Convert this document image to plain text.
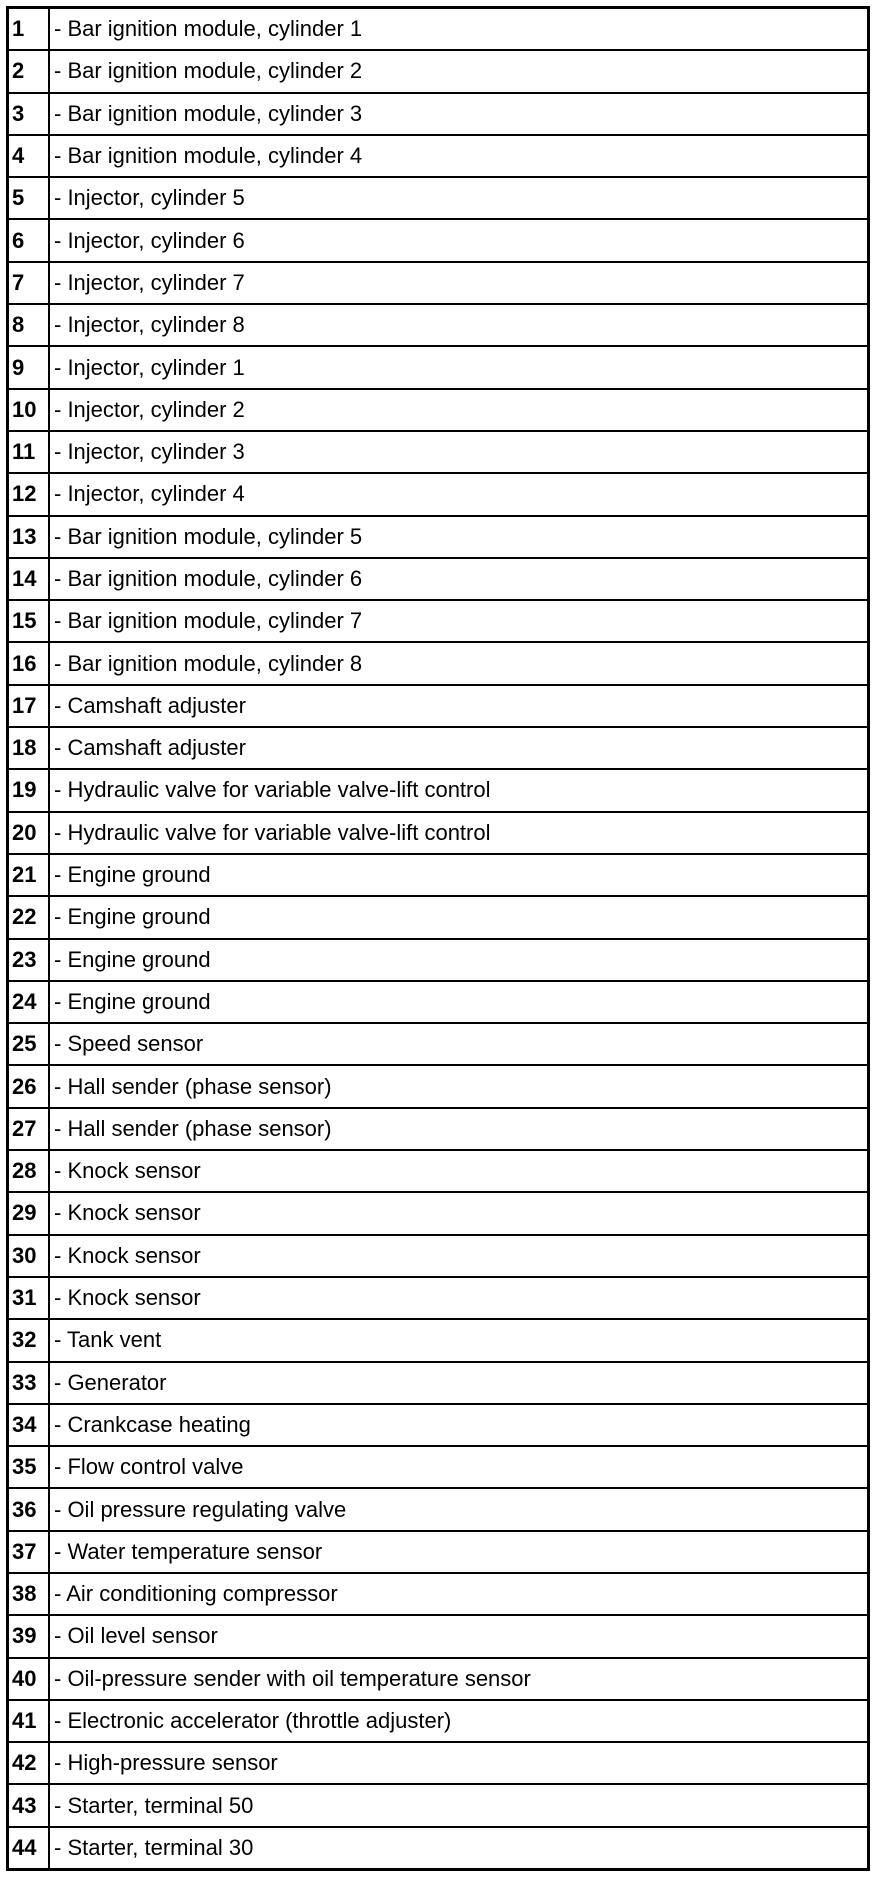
1	- Bar ignition module, cylinder 1
2	- Bar ignition module, cylinder 2
3	- Bar ignition module, cylinder 3
4	- Bar ignition module, cylinder 4
5	- Injector, cylinder 5
6	- Injector, cylinder 6
7	- Injector, cylinder 7
8	- Injector, cylinder 8
9	- Injector, cylinder 1
10	- Injector, cylinder 2
11	- Injector, cylinder 3
12	- Injector, cylinder 4
13	- Bar ignition module, cylinder 5
14	- Bar ignition module, cylinder 6
15	- Bar ignition module, cylinder 7
16	- Bar ignition module, cylinder 8
17	- Camshaft adjuster
18	- Camshaft adjuster
19	- Hydraulic valve for variable valve-lift control
20	- Hydraulic valve for variable valve-lift control
21	- Engine ground
22	- Engine ground
23	- Engine ground
24	- Engine ground
25	- Speed sensor
26	- Hall sender (phase sensor)
27	- Hall sender (phase sensor)
28	- Knock sensor
29	- Knock sensor
30	- Knock sensor
31	- Knock sensor
32	- Tank vent
33	- Generator
34	- Crankcase heating
35	- Flow control valve
36	- Oil pressure regulating valve
37	- Water temperature sensor
38	- Air conditioning compressor
39	- Oil level sensor
40	- Oil-pressure sender with oil temperature sensor
41	- Electronic accelerator (throttle adjuster)
42	- High-pressure sensor
43	- Starter, terminal 50
44	- Starter, terminal 30
